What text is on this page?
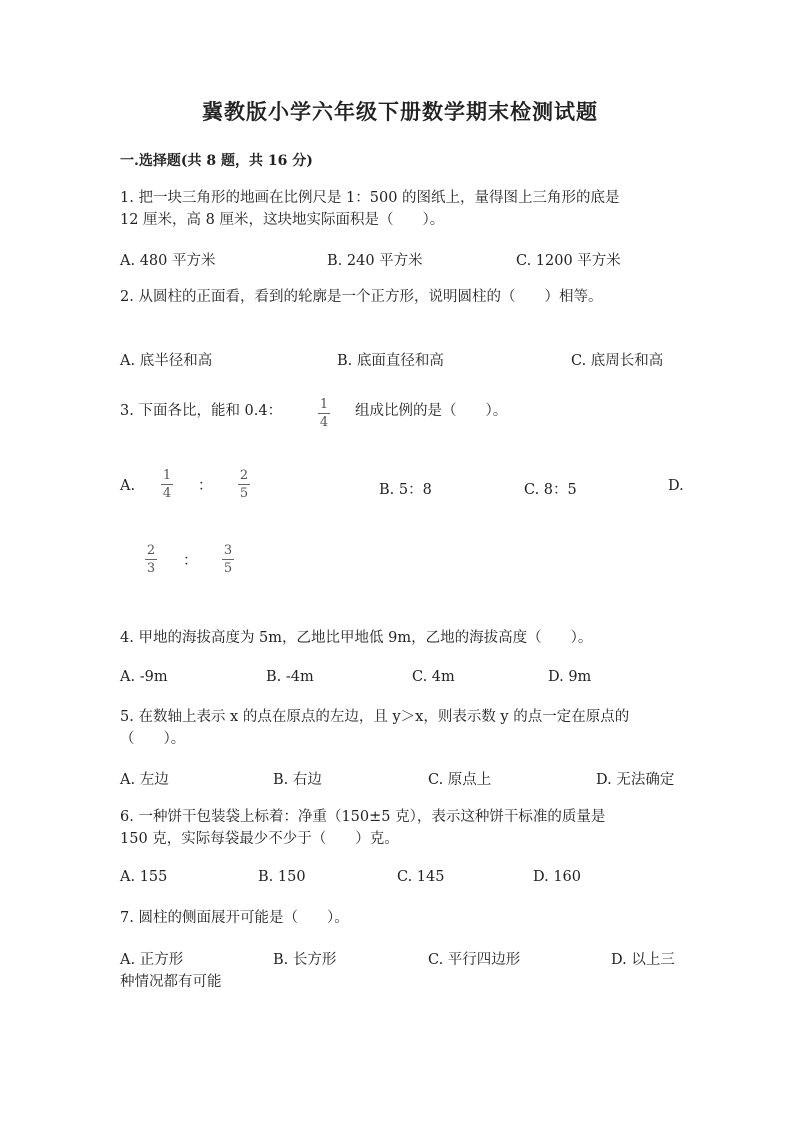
冀教版小学六年级下册数学期末检测试题
一.选择题(共 8 题，共 16 分)
1. 把一块三角形的地画在比例尺是 1：500 的图纸上，量得图上三角形的底是
12 厘米，高 8 厘米，这块地实际面积是（　　）。
A. 480 平方米	B. 240 平方米	C. 1200 平方米
2. 从圆柱的正面看，看到的轮廓是一个正方形，说明圆柱的（　　）相等。
A. 底半径和高	B. 底面直径和高	C. 底周长和高
3. 下面各比，能和 0.4：	1
4
组成比例的是（　　）。
A.
1
4 ：
2
5	B. 5：8	C. 8：5	D.
2
3 ：
3
5
4. 甲地的海拔高度为 5m，乙地比甲地低 9m，乙地的海拔高度（　　）。
A. -9m	B. -4m	C. 4m	D. 9m
5. 在数轴上表示 x 的点在原点的左边，且 y＞x，则表示数 y 的点一定在原点的
（　　）。
A. 左边	B. 右边	C. 原点上	D. 无法确定
6. 一种饼干包装袋上标着：净重（150±5 克），表示这种饼干标准的质量是
150 克，实际每袋最少不少于（　　）克。
A. 155	B. 150	C. 145	D. 160
7. 圆柱的侧面展开可能是（　　）。
A. 正方形	B. 长方形	C. 平行四边形	D. 以上三
种情况都有可能
